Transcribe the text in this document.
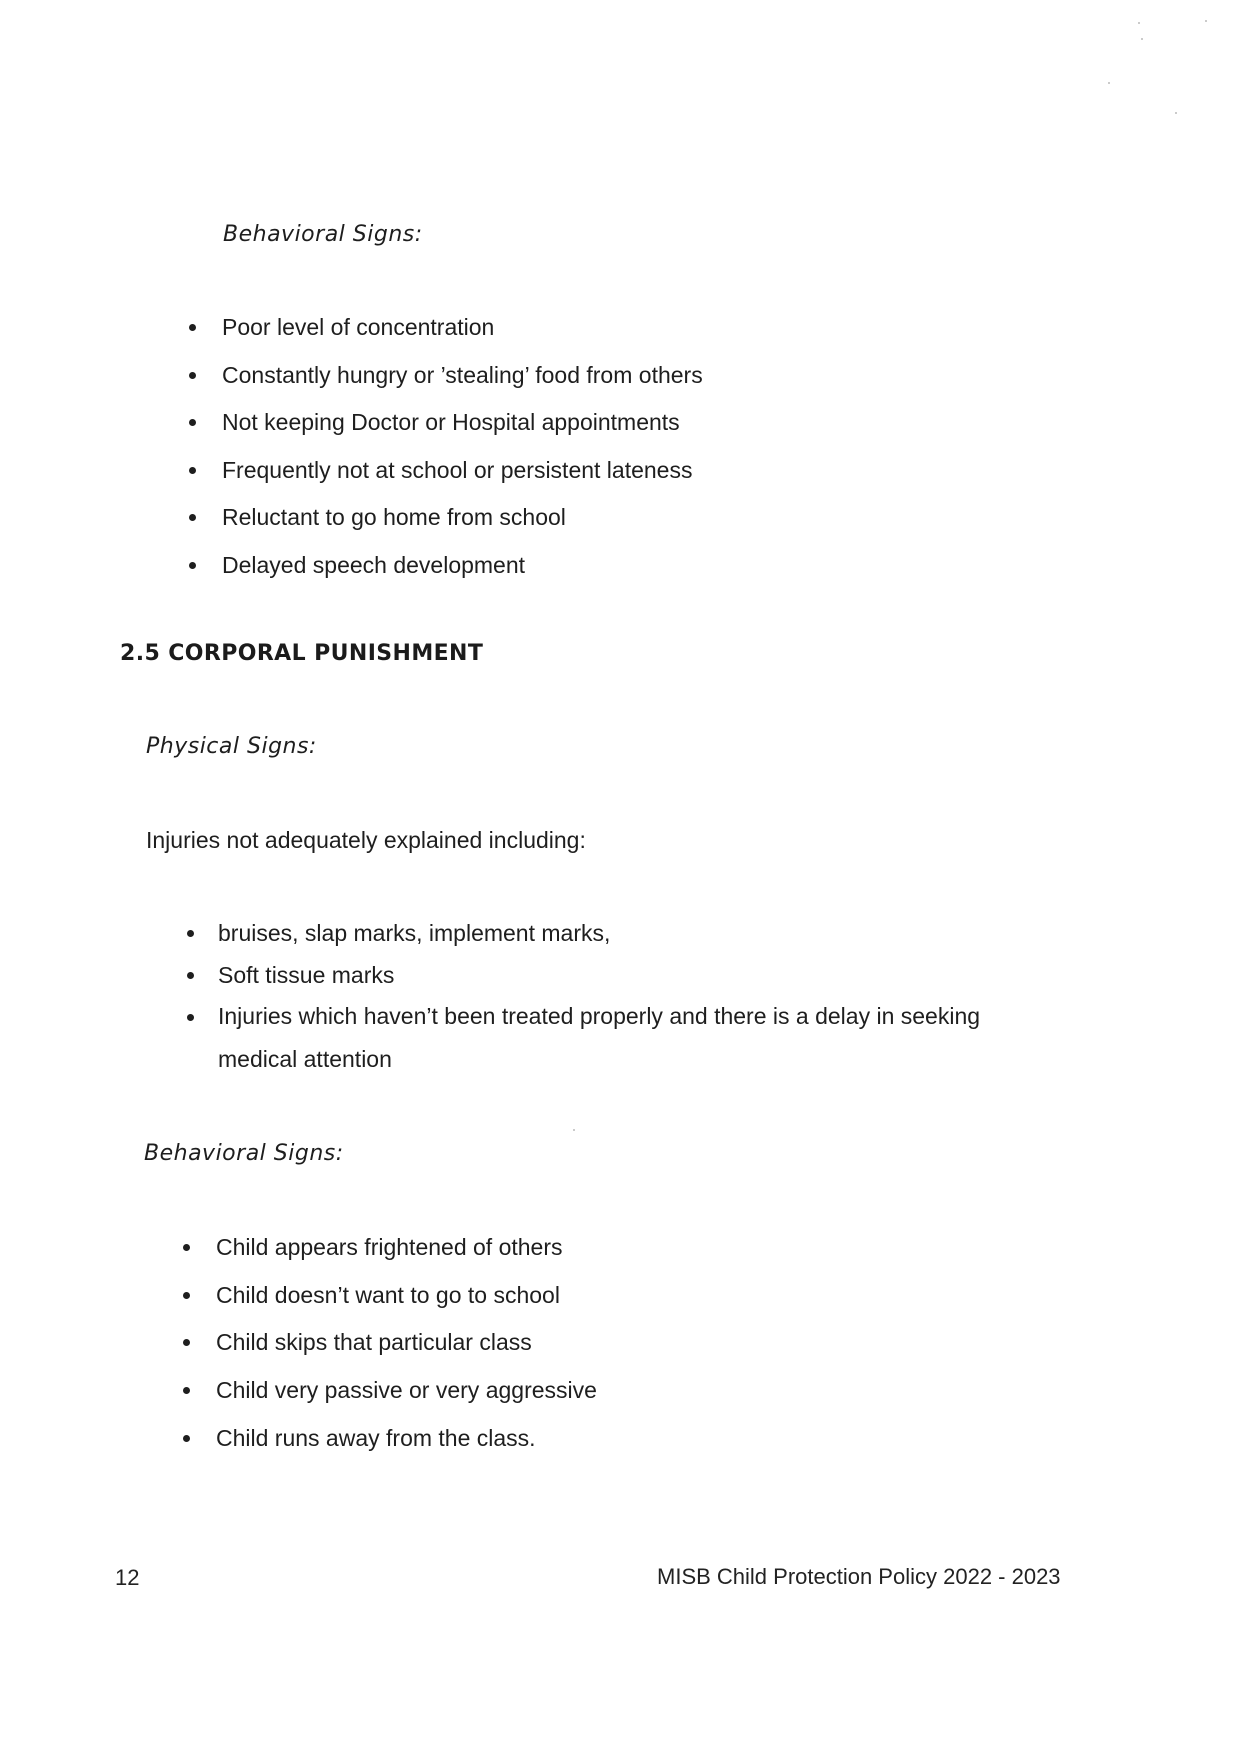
Behavioral Signs:
Poor level of concentration
Constantly hungry or ’stealing’ food from others
Not keeping Doctor or Hospital appointments
Frequently not at school or persistent lateness
Reluctant to go home from school
Delayed speech development
2.5 CORPORAL PUNISHMENT
Physical Signs:
Injuries not adequately explained including:
bruises, slap marks, implement marks,
Soft tissue marks
Injuries which haven’t been treated properly and there is a delay in seeking medical attention
Behavioral Signs:
Child appears frightened of others
Child doesn’t want to go to school
Child skips that particular class
Child very passive or very aggressive
Child runs away from the class.
12	MISB Child Protection Policy 2022 - 2023
